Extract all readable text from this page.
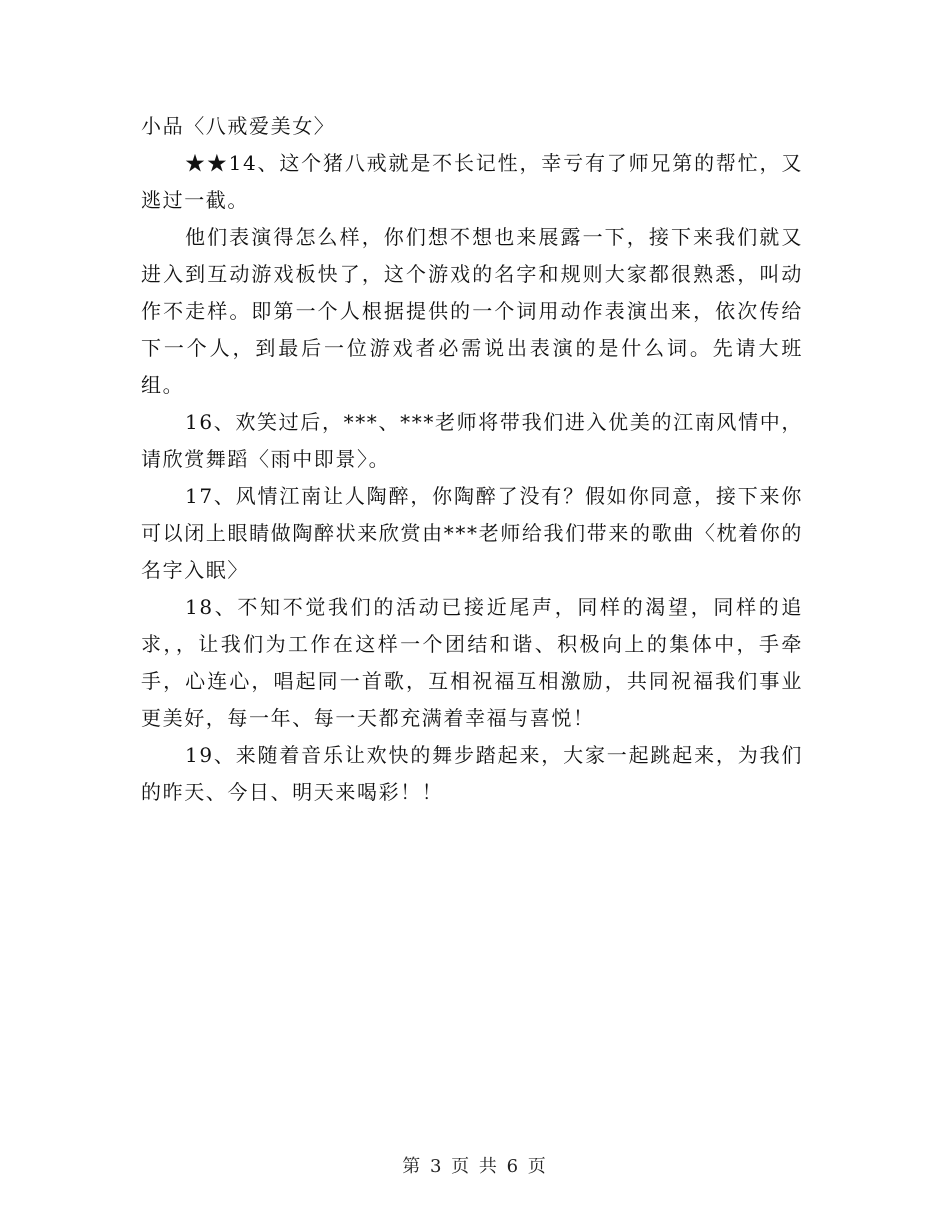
小品〈八戒爱美女〉

★★14、这个猪八戒就是不长记性，幸亏有了师兄第的帮忙，又逃过一截。

他们表演得怎么样，你们想不想也来展露一下，接下来我们就又进入到互动游戏板快了，这个游戏的名字和规则大家都很熟悉，叫动作不走样。即第一个人根据提供的一个词用动作表演出来，依次传给下一个人，到最后一位游戏者必需说出表演的是什么词。先请大班组。

16、欢笑过后，***、***老师将带我们进入优美的江南风情中，请欣赏舞蹈〈雨中即景〉。

17、风情江南让人陶醉，你陶醉了没有？假如你同意，接下来你可以闭上眼睛做陶醉状来欣赏由***老师给我们带来的歌曲〈枕着你的名字入眠〉

18、不知不觉我们的活动已接近尾声，同样的渴望，同样的追求，，让我们为工作在这样一个团结和谐、积极向上的集体中，手牵手，心连心，唱起同一首歌，互相祝福互相激励，共同祝福我们事业更美好，每一年、每一天都充满着幸福与喜悦！

19、来随着音乐让欢快的舞步踏起来，大家一起跳起来，为我们的昨天、今日、明天来喝彩！！

第 3 页 共 6 页
